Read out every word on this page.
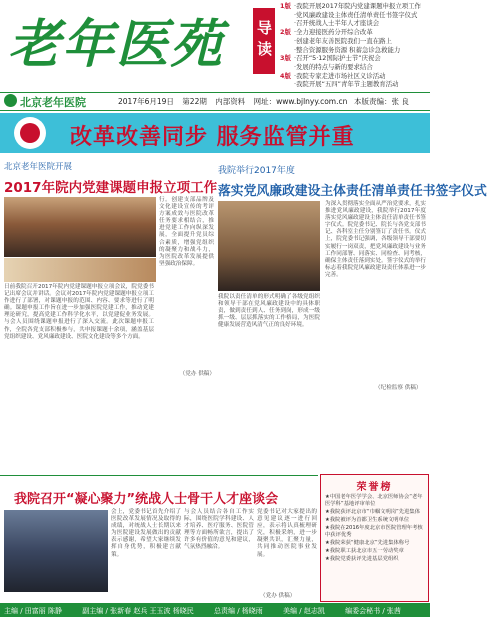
老年医苑 导读
1版 ·我院开展2017年院内党建课题申报立项工作
·党风廉政建设主体责任清单责任书签字仪式
·召开统战人士半年人才座谈会
2版 ·全力迎接医药分开综合改革
·创建老年友善医院我们一直在路上
·整合资源服务资源 积蓄急诊急救能力
3版 ·召开“5·12国际护士节”庆祝会
·发展的特点与新的要求结合
4版 ·我院专家走进市场社区义诊活动
·我院开展“五四”青年节主题教育活动
北京老年医院	2017年6月19日 第22期 内部资料 网址：www.bjlnyy.com.cn 本版责编：张 良
改革改善同步 服务监管并重
北京老年医院开展
2017年院内党建课题申报立项工作
日前我院召开2017年院内党建课题申报立项会议，院党委书记出席会议并讲话。会议对2017年院内党建课题申报立项工作进行了部署，对课题申报的范围、内容、要求等进行了明确。课题申报工作旨在进一步加强医院党建工作，推动党建理论研究，提高党建工作科学化水平，以党建促业务发展。与会人员围绕课题申报进行了深入交流。此次课题申报工作，全院各党支部积极参与，共申报课题十余项，涵盖基层党组织建设、党风廉政建设、医院文化建设等多个方面。
行。创建支部品牌及文化建设宣传的考评方案成效与医院改革任务要求相结合，推进党建工作向纵深发展，全面提升党员综合素质，增强党组织的凝聚力和战斗力，为医院改革发展提供坚强政治保障。
（党办 供稿）
我院举行2017年度
落实党风廉政建设主体责任清单责任书签字仪式
为深入贯彻落实全面从严治党要求，扎实推进党风廉政建设，我院举行2017年度落实党风廉政建设主体责任清单责任书签字仪式。院党委书记、院长与各党支部书记、各科室主任分别签订了责任书。仪式上，院党委书记强调，各级领导干部要切实履行一岗双责，把党风廉政建设与业务工作同部署、同落实、同检查、同考核，确保主体责任落到实处。签字仪式的举行标志着我院党风廉政建设责任体系进一步完善。
我院以责任清单的形式明确了各级党组织和领导干部在党风廉政建设中的具体职责，做到责任到人、任务到岗，形成一级抓一级、层层抓落实的工作格局，为医院健康发展营造风清气正的良好环境。
（纪检监察 供稿）
我院召开“凝心聚力”统战人士骨干人才座谈会
会上，党委书记首先介绍了医院改革发展情况及取得的成绩，对统战人士长期以来为医院建设发展做出的贡献表示感谢，希望大家继续发挥自身优势，积极建言献策。
与会人员结合各自工作实际，围绕医院学科建设、人才培养、医疗服务、医院管理等方面畅所欲言，提出了许多有价值的意见和建议，气氛热烈融洽。
党委书记对大家提出的意见建议逐一进行回应，表示将认真梳理研究，积极采纳，进一步凝聚共识，汇聚力量，共同推动医院事业发展。
（党办 供稿）
荣誉榜
★中国老年医学学会、北京医师协会“老年医学科”基地评审单位
★我院获评北京市“巾帼文明岗”先进集体
★我院被评为首都卫生系统文明单位
★我院在2016年度北京市医院管理年考核中获评优秀
★我院荣获“健康北京”先进集体称号
★我院职工获北京市五一劳动奖章
★我院党委获评先进基层党组织
主编 / 田富丽 陈静	副主编 / 张新春 赵兵 王玉波 杨晓民	总责编 / 杨晓雨	美编 / 赵志凯	编委会秘书 / 张茜
